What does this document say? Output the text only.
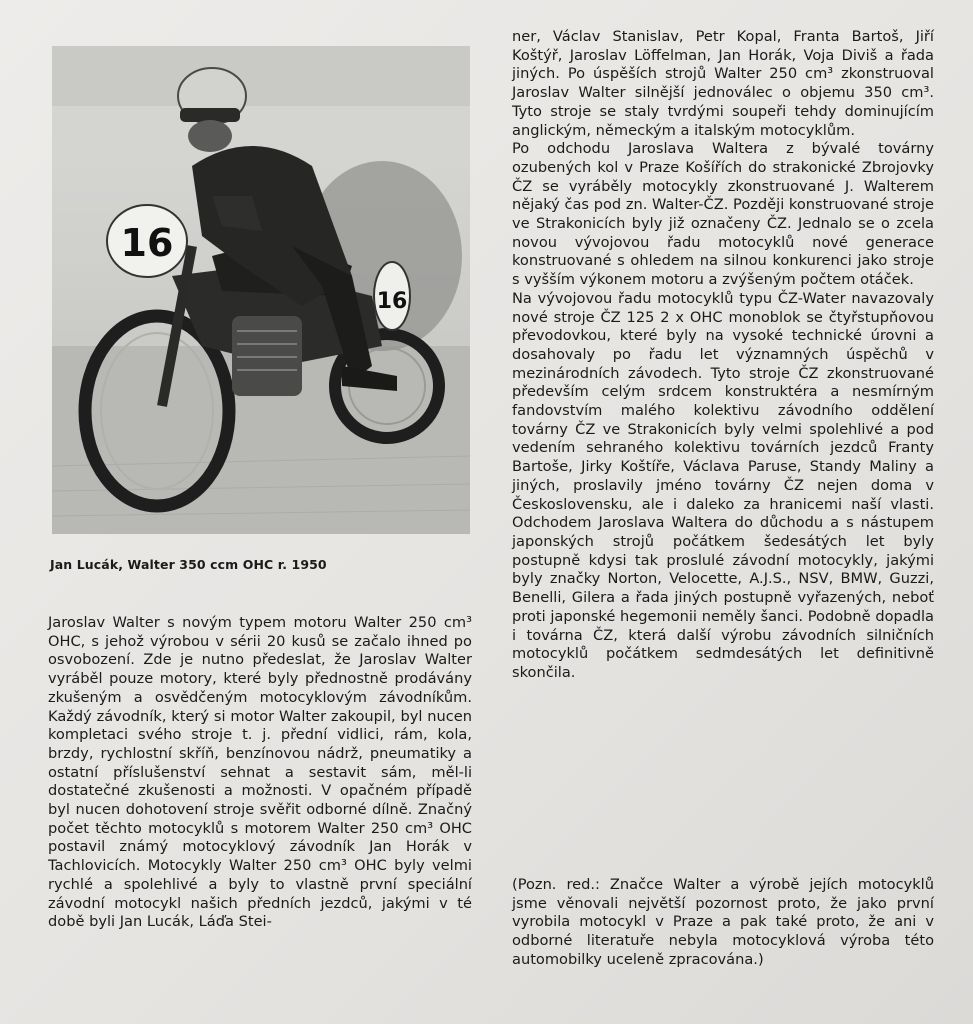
16
16
Jan Lucák, Walter 350 ccm OHC r. 1950

Jaroslav Walter s novým typem motoru Walter 250 cm³ OHC, s jehož výrobou v sérii 20 kusů se začalo ihned po osvobození. Zde je nutno předeslat, že Jaroslav Walter vyráběl pouze motory, které byly přednostně prodávány zkušeným a osvědčeným motocyklovým závodníkům. Každý závodník, který si motor Walter zakoupil, byl nucen kompletaci svého stroje t. j. přední vidlici, rám, kola, brzdy, rychlostní skříň, benzínovou nádrž, pneumatiky a ostatní příslušenství sehnat a sestavit sám, měl-li dostatečné zkušenosti a možnosti. V opačném případě byl nucen dohotovení stroje svěřit odborné dílně. Značný počet těchto motocyklů s motorem Walter 250 cm³ OHC postavil známý motocyklový závodník Jan Horák v Tachlovicích. Motocykly Walter 250 cm³ OHC byly velmi rychlé a spolehlivé a byly to vlastně první speciální závodní motocykl našich předních jezdců, jakými v té době byli Jan Lucák, Láďa Stei-

ner, Václav Stanislav, Petr Kopal, Franta Bartoš, Jiří Koštýř, Jaroslav Löffelman, Jan Horák, Voja Diviš a řada jiných. Po úspěších strojů Walter 250 cm³ zkonstruoval Jaroslav Walter silnější jednoválec o objemu 350 cm³. Tyto stroje se staly tvrdými soupeři tehdy dominujícím anglickým, německým a italským motocyklům.

Po odchodu Jaroslava Waltera z bývalé továrny ozubených kol v Praze Košířích do strakonické Zbrojovky ČZ se vyráběly motocykly zkonstruované J. Walterem nějaký čas pod zn. Walter-ČZ. Později konstruované stroje ve Strakonicích byly již označeny ČZ. Jednalo se o zcela novou vývojovou řadu motocyklů nové generace konstruované s ohledem na silnou konkurenci jako stroje s vyšším výkonem motoru a zvýšeným počtem otáček.

Na vývojovou řadu motocyklů typu ČZ-Water navazovaly nové stroje ČZ 125 2 x OHC monoblok se čtyřstupňovou převodovkou, které byly na vysoké technické úrovni a dosahovaly po řadu let významných úspěchů v mezinárodních závodech. Tyto stroje ČZ zkonstruované především celým srdcem konstruktéra a nesmírným fandovstvím malého kolektivu závodního oddělení továrny ČZ ve Strakonicích byly velmi spolehlivé a pod vedením sehraného kolektivu továrních jezdců Franty Bartoše, Jirky Koštíře, Václava Paruse, Standy Maliny a jiných, proslavily jméno továrny ČZ nejen doma v Československu, ale i daleko za hranicemi naší vlasti. Odchodem Jaroslava Waltera do důchodu a s nástupem japonských strojů počátkem šedesátých let byly postupně kdysi tak proslulé závodní motocykly, jakými byly značky Norton, Velocette, A.J.S., NSV, BMW, Guzzi, Benelli, Gilera a řada jiných postupně vyřazených, neboť proti japonské hegemonii neměly šanci. Podobně dopadla i továrna ČZ, která další výrobu závodních silničních motocyklů počátkem sedmdesátých let definitivně skončila.

(Pozn. red.: Značce Walter a výrobě jejích motocyklů jsme věnovali největší pozornost proto, že jako první vyrobila motocykl v Praze a pak také proto, že ani v odborné literatuře nebyla motocyklová výroba této automobilky uceleně zpracována.)
